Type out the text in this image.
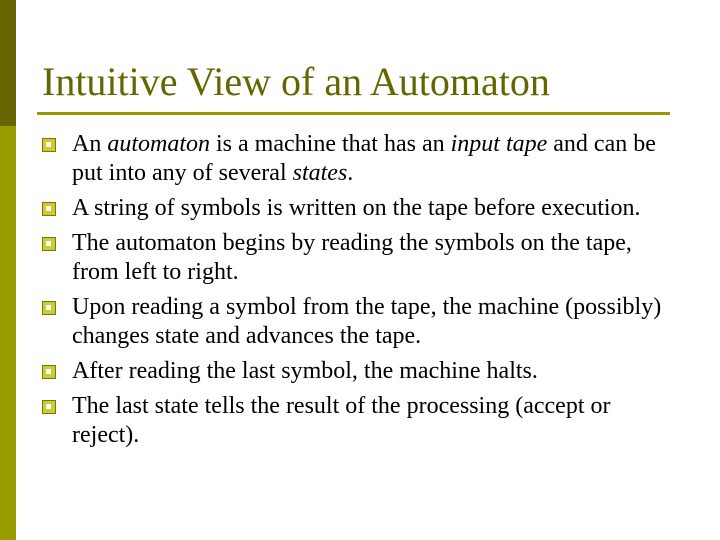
Intuitive View of an Automaton
An automaton is a machine that has an input tape and can be put into any of several states.
A string of symbols is written on the tape before execution.
The automaton begins by reading the symbols on the tape, from left to right.
Upon reading a symbol from the tape, the machine (possibly) changes state and advances the tape.
After reading the last symbol, the machine halts.
The last state tells the result of the processing (accept or reject).
